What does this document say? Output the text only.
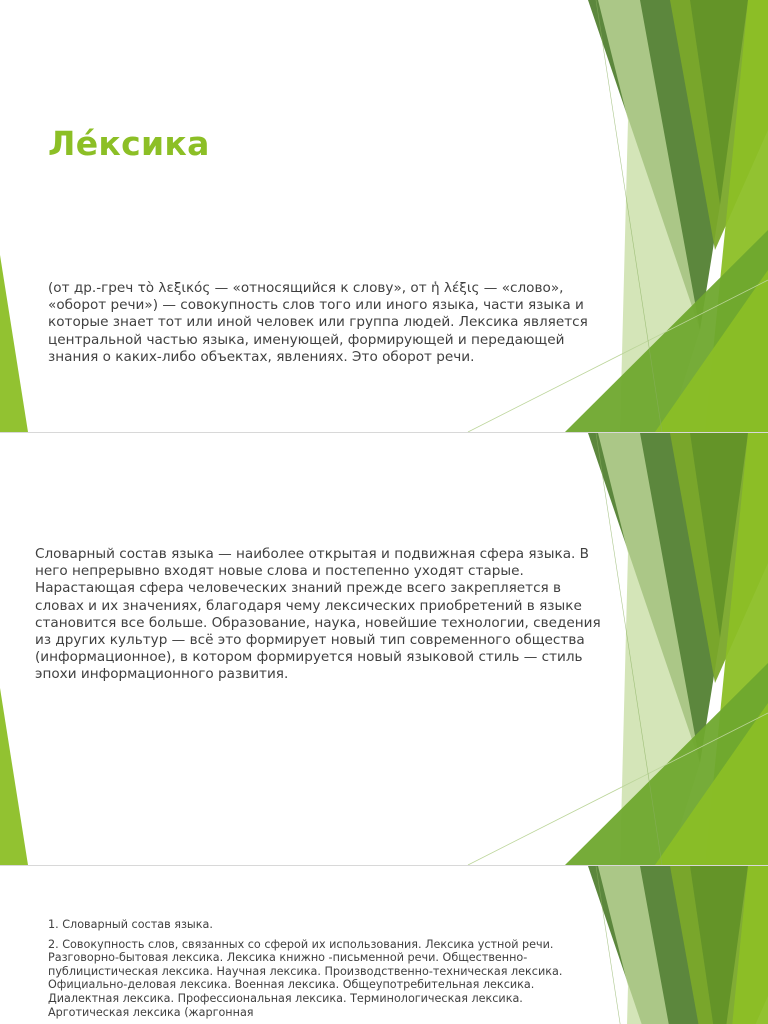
Ле́ксика

(от др.-греч τὸ λεξικός — «относящийся к слову», от ἡ λέξις — «слово», «оборот речи») — совокупность слов того или иного языка, части языка и которые знает тот или иной человек или группа людей. Лексика является центральной частью языка, именующей, формирующей и передающей знания о каких-либо объектах, явлениях. Это оборот речи.

Словарный состав языка — наиболее открытая и подвижная сфера языка. В него непрерывно входят новые слова и постепенно уходят старые. Нарастающая сфера человеческих знаний прежде всего закрепляется в словах и их значениях, благодаря чему лексических приобретений в языке становится все больше. Образование, наука, новейшие технологии, сведения из других культур — всё это формирует новый тип современного общества (информационное), в котором формируется новый языковой стиль — стиль эпохи информационного развития.

1. Словарный состав языка.

2. Совокупность слов, связанных со сферой их использования. Лексика устной речи. Разговорно-бытовая лексика. Лексика книжно -письменной речи. Общественно-публицистическая лексика. Научная лексика. Производственно-техническая лексика. Официально-деловая лексика. Военная лексика. Общеупотребительная лексика. Диалектная лексика. Профессиональная лексика. Терминологическая лексика. Арготическая лексика (жаргонная
